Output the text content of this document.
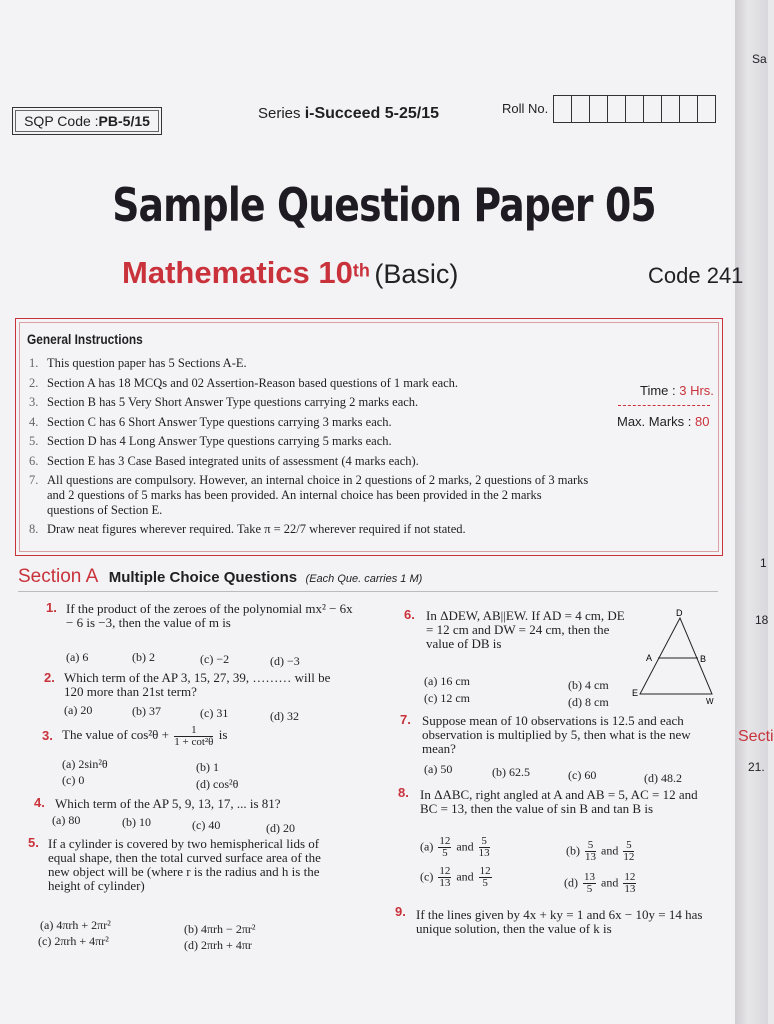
Sa
1
18
Secti
21.
SQP Code : PB-5/15	Series i-Succeed 5-25/15	Roll No.
Sample Question Paper 05
Mathematics 10th (Basic)	Code 241
General Instructions
1. This question paper has 5 Sections A-E.
2. Section A has 18 MCQs and 02 Assertion-Reason based questions of 1 mark each.
3. Section B has 5 Very Short Answer Type questions carrying 2 marks each.
4. Section C has 6 Short Answer Type questions carrying 3 marks each.
5. Section D has 4 Long Answer Type questions carrying 5 marks each.
6. Section E has 3 Case Based integrated units of assessment (4 marks each).
7. All questions are compulsory. However, an internal choice in 2 questions of 2 marks, 2 questions of 3 marks and 2 questions of 5 marks has been provided. An internal choice has been provided in the 2 marks questions of Section E.
8. Draw neat figures wherever required. Take π = 22/7 wherever required if not stated.
Time : 3 Hrs.
Max. Marks : 80
Section A Multiple Choice Questions (Each Que. carries 1 M)
1. If the product of the zeroes of the polynomial mx² − 6x − 6 is −3, then the value of m is
(a) 6	(b) 2	(c) −2	(d) −3
2. Which term of the AP 3, 15, 27, 39, ……… will be 120 more than 21st term?
(a) 20	(b) 37	(c) 31	(d) 32
3. The value of $\cos^2\theta + \frac{1}{\text{1 + cot²θ}}$ is
(a) 2sin²θ	(b) 1
(c) 0	(d) cos²θ
4. Which term of the AP 5, 9, 13, 17, ... is 81?
(a) 80	(b) 10	(c) 40	(d) 20
5. If a cylinder is covered by two hemispherical lids of equal shape, then the total curved surface area of the new object will be (where r is the radius and h is the height of cylinder)
(a) 4πrh + 2πr²	(b) 4πrh − 2πr²
(c) 2πrh + 4πr²	(d) 2πrh + 4πr
6. In ΔDEW, AB||EW. If AD = 4 cm, DE = 12 cm and DW = 24 cm, then the value of DB is
(a) 16 cm	(b) 4 cm
(c) 12 cm	(d) 8 cm
D
A	B
E
W
7. Suppose mean of 10 observations is 12.5 and each observation is multiplied by 5, then what is the new mean?
(a) 50	(b) 62.5	(c) 60	(d) 48.2
8. In ΔABC, right angled at A and AB = 5, AC = 12 and BC = 13, then the value of sin B and tan B is
$(a) \frac{12}{5}$ and $\frac{5}{13}$	$(b) \frac{5}{13}$ and $\frac{5}{12}$
$(c) \frac{12}{13}$ and $\frac{12}{5}$	$(d) \frac{13}{5}$ and $\frac{12}{13}$
9. If the lines given by 4x + ky = 1 and 6x − 10y = 14 has unique solution, then the value of k is
